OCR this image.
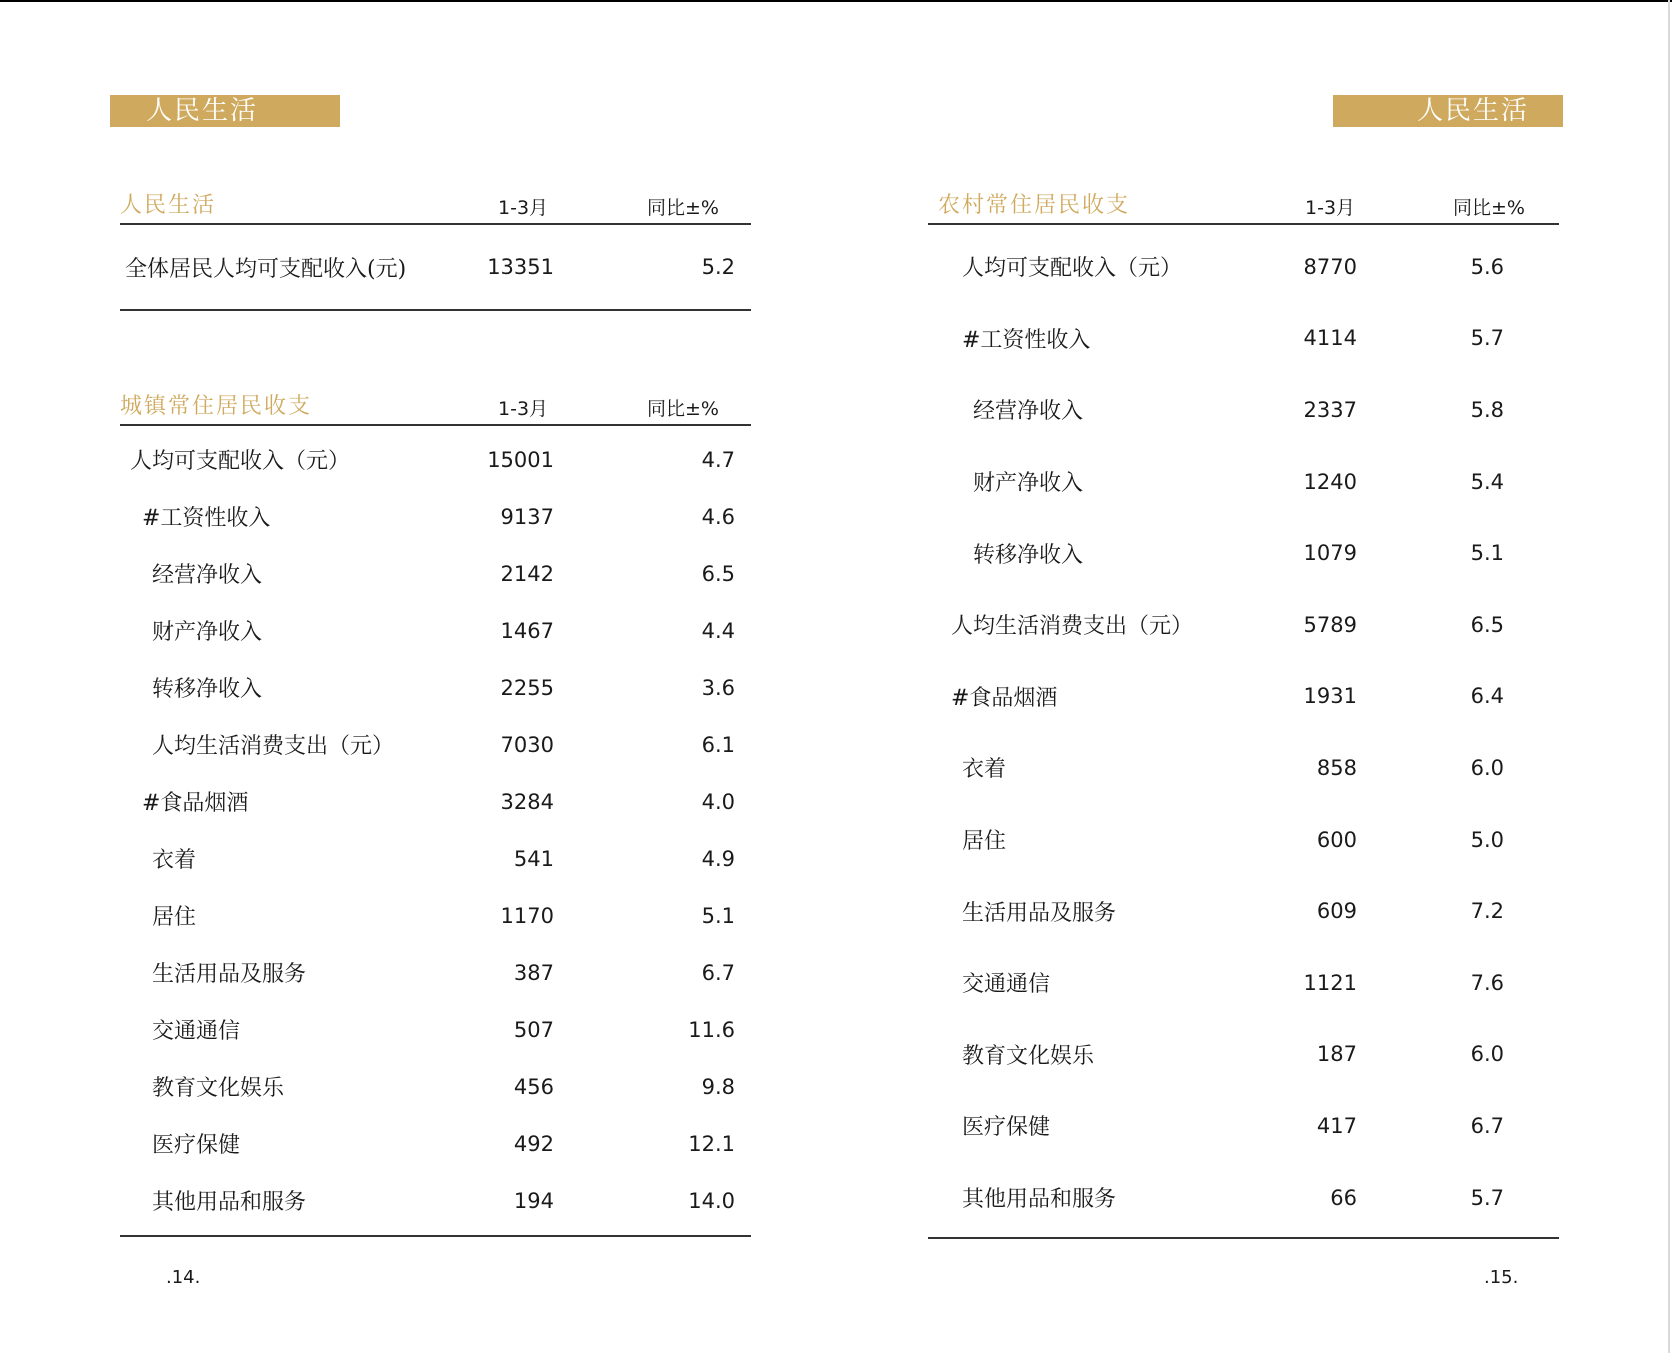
人民生活
人民生活	1-3月	同比±%
全体居民人均可支配收入(元)	13351	5.2
城镇常住居民收支	1-3月	同比±%
人均可支配收入（元）	15001	4.7
#工资性收入	9137	4.6
经营净收入	2142	6.5
财产净收入	1467	4.4
转移净收入	2255	3.6
人均生活消费支出（元）	7030	6.1
#食品烟酒	3284	4.0
衣着	541	4.9
居住	1170	5.1
生活用品及服务	387	6.7
交通通信	507	11.6
教育文化娱乐	456	9.8
医疗保健	492	12.1
其他用品和服务	194	14.0
.14.
人民生活
农村常住居民收支	1-3月	同比±%
人均可支配收入（元）	8770	5.6
#工资性收入	4114	5.7
经营净收入	2337	5.8
财产净收入	1240	5.4
转移净收入	1079	5.1
人均生活消费支出（元）	5789	6.5
#食品烟酒	1931	6.4
衣着	858	6.0
居住	600	5.0
生活用品及服务	609	7.2
交通通信	1121	7.6
教育文化娱乐	187	6.0
医疗保健	417	6.7
其他用品和服务	66	5.7
.15.
